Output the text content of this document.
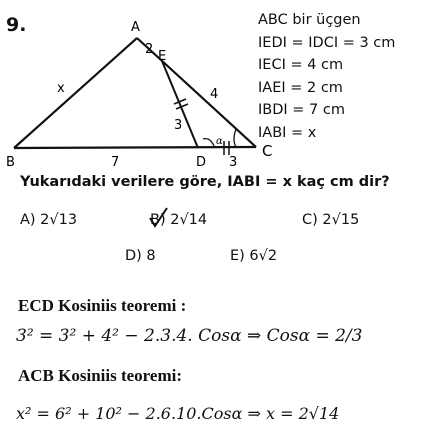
9.	A
B
C
D
E
2
x	4
3
7	3
α
ABC bir üçgen
IEDI = IDCI = 3 cm
IECI = 4 cm
IAEI = 2 cm
IBDI = 7 cm
IABI = x
Yukarıdaki verilere göre, IABI = x kaç cm dir?
A) 2√13	B) 2√14	C) 2√15
D) 8	E) 6√2
ECD Kosiniis teoremi :
3² = 3² + 4² − 2.3.4. Cosα ⇒ Cosα = 2/3
ACB Kosiniis teoremi:
x² = 6² + 10² − 2.6.10.Cosα ⇒ x = 2√14
